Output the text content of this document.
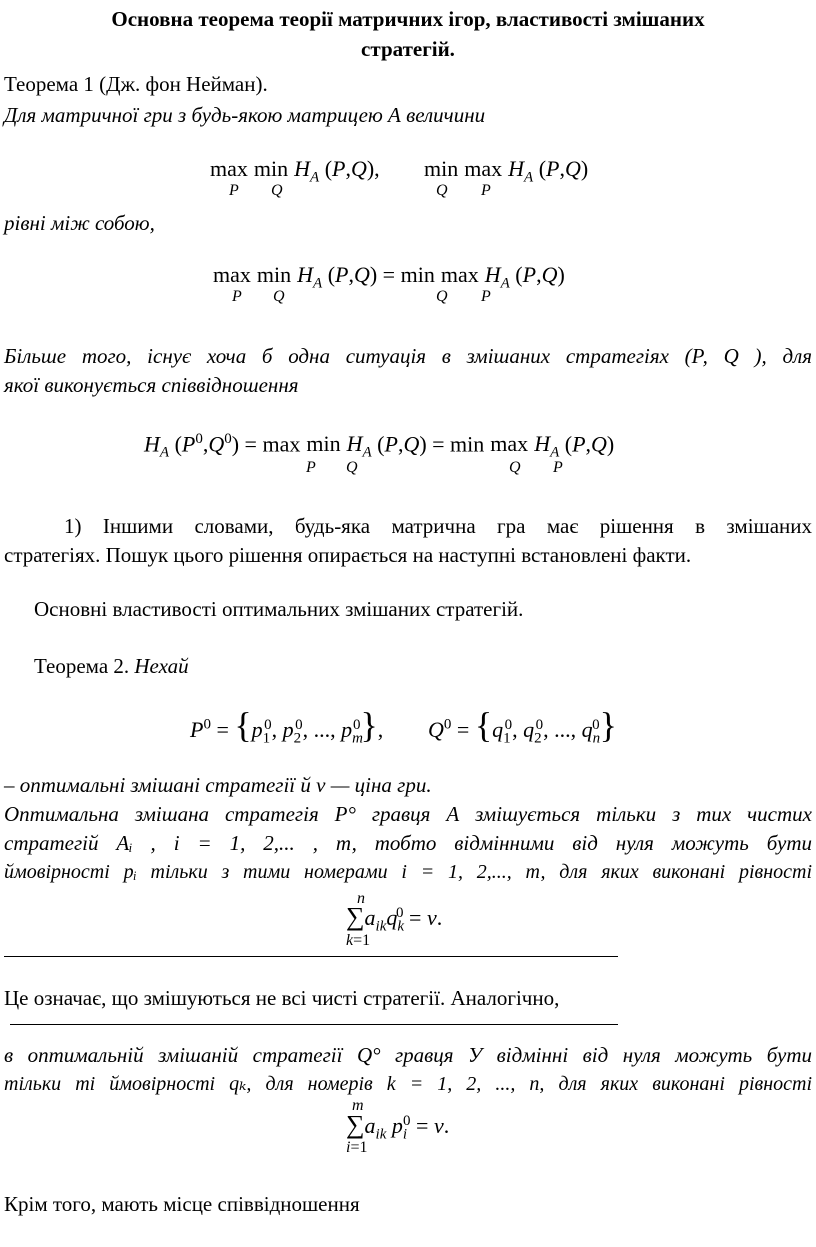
Основна теорема теорії матричних ігор, властивості змішаних
стратегій.
Теорема 1 (Дж. фон Нейман).
Для матричної гри з будь-якою матрицею А величини
$\max \min H_A$ (P,Q),
P Q
$\min \max H_A$ (P,Q)
Q P
рівні між собою,
$\max \min H_A$ $(P,Q) = \min \max H_A$ (P,Q)
P Q	Q P
Більше того, існує хоча б одна ситуація в змішаних стратегіях (Р, Q ), для
якої виконується співвідношення
$H_A$ $(P^0,Q^0) = \max \min H_A$ $(P,Q) = \min \max H_A$ (P,Q)
P Q	Q P
1) Іншими словами, будь-яка матрична гра має рішення в змішаних
стратегіях. Пошук цього рішення опирається на наступні встановлені факти.
Основні властивості оптимальних змішаних стратегій.
Теорема 2. Нехай
$P^0 = \{p_1^0$, $p_2^0$, ..., $p_m^0$}, $Q^0 = \{q_1^0$, $q_2^0$, ..., $q_n^0$}
– оптимальні змішані стратегії й ν — ціна гри.
Оптимальна змішана стратегія Р° гравця А змішується тільки з тих чистих
стратегій Aᵢ , і = 1, 2,... , т, тобто відмінними від нуля можуть бути
ймовірності pᵢ тільки з тими номерами і = 1, 2,..., т, для яких виконані рівності
n
$\sum a_{ik}q_k^0 = \nu$.
k=1
Це означає, що змішуються не всі чисті стратегії. Аналогічно,
в оптимальній змішаній стратегії Q° гравця У відмінні від нуля можуть бути
тільки ті ймовірності qₖ, для номерів k = 1, 2, ..., п, для яких виконані рівності
m
$\sum a_{ik}$ $p_i^0 = \nu$.
i=1
Крім того, мають місце співвідношення
